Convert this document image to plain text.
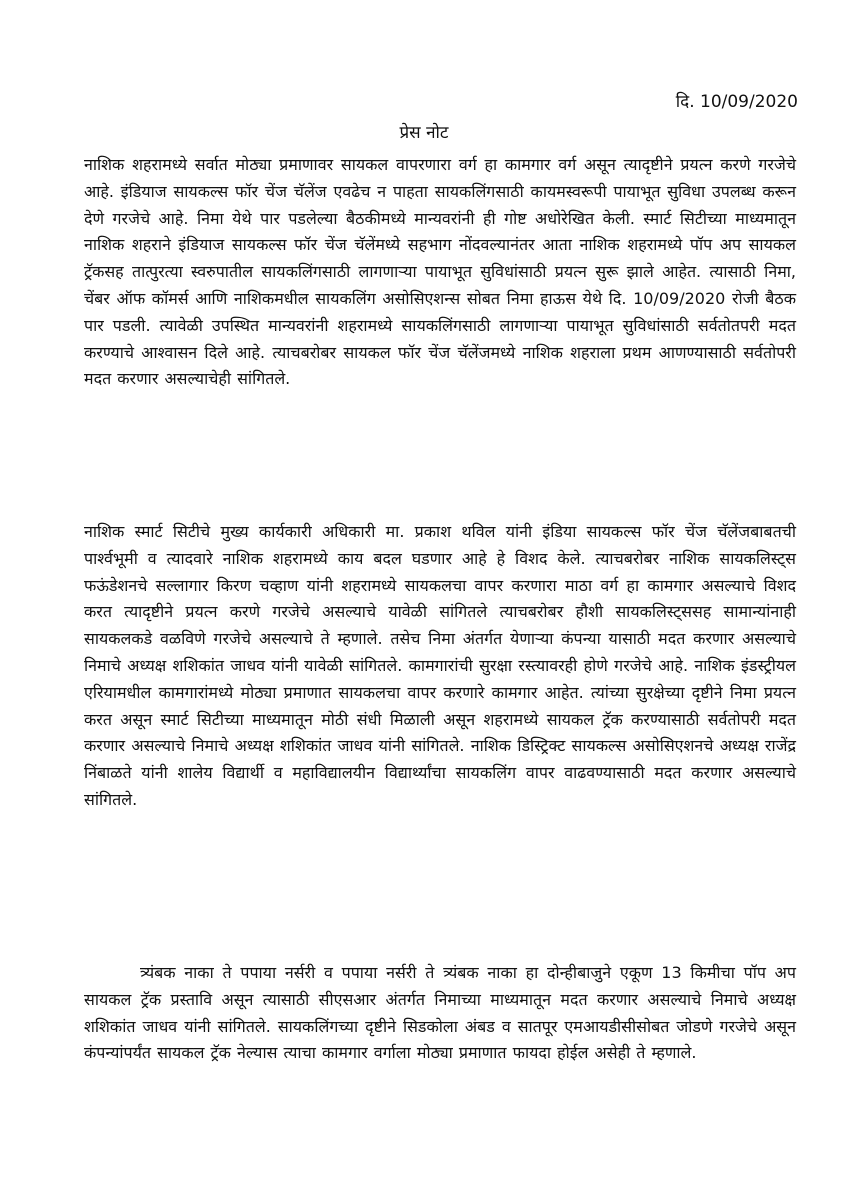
दि. 10/09/2020
प्रेस नोट

नाशिक शहरामध्ये सर्वात मोठ्या प्रमाणावर सायकल वापरणारा वर्ग हा कामगार वर्ग असून त्यादृष्टीने प्रयत्न करणे गरजेचे आहे. इंडियाज सायकल्स फॉर चेंज चॅलेंज एवढेच न पाहता सायकलिंगसाठी कायमस्वरूपी पायाभूत सुविधा उपलब्ध करून देणे गरजेचे आहे. निमा येथे पार पडलेल्या बैठकीमध्ये मान्यवरांनी ही गोष्ट अधोरेखित केली. स्मार्ट सिटीच्या माध्यमातून नाशिक शहराने इंडियाज सायकल्स फॉर चेंज चॅलेंमध्ये सहभाग नोंदवल्यानंतर आता नाशिक शहरामध्ये पॉप अप सायकल ट्रॅकसह तात्पुरत्या स्वरुपातील सायकलिंगसाठी लागणाऱ्या पायाभूत सुविधांसाठी प्रयत्न सुरू झाले आहेत. त्यासाठी निमा, चेंबर ऑफ कॉमर्स आणि नाशिकमधील सायकलिंग असोसिएशन्स सोबत निमा हाऊस येथे दि. 10/09/2020 रोजी बैठक पार पडली. त्यावेळी उपस्थित मान्यवरांनी शहरामध्ये सायकलिंगसाठी लागणाऱ्या पायाभूत सुविधांसाठी सर्वतोतपरी मदत करण्याचे आश्वासन दिले आहे. त्याचबरोबर सायकल फॉर चेंज चॅलेंजमध्ये नाशिक शहराला प्रथम आणण्यासाठी सर्वतोपरी मदत करणार असल्याचेही सांगितले.

नाशिक स्मार्ट सिटीचे मुख्य कार्यकारी अधिकारी मा. प्रकाश थविल यांनी इंडिया सायकल्स फॉर चेंज चॅलेंजबाबतची पार्श्वभूमी व त्यादवारे नाशिक शहरामध्ये काय बदल घडणार आहे हे विशद केले. त्याचबरोबर नाशिक सायकलिस्ट्स फऊंडेशनचे सल्लागार किरण चव्हाण यांनी शहरामध्ये सायकलचा वापर करणारा माठा वर्ग हा कामगार असल्याचे विशद करत त्यादृष्टीने प्रयत्न करणे गरजेचे असल्याचे यावेळी सांगितले त्याचबरोबर हौशी सायकलिस्ट्ससह सामान्यांनाही सायकलकडे वळविणे गरजेचे असल्याचे ते म्हणाले. तसेच निमा अंतर्गत येणाऱ्या कंपन्या यासाठी मदत करणार असल्याचे निमाचे अध्यक्ष शशिकांत जाधव यांनी यावेळी सांगितले. कामगारांची सुरक्षा रस्त्यावरही होणे गरजेचे आहे. नाशिक इंडस्ट्रीयल एरियामधील कामगारांमध्ये मोठ्या प्रमाणात सायकलचा वापर करणारे कामगार आहेत. त्यांच्या सुरक्षेच्या दृष्टीने निमा प्रयत्न करत असून स्मार्ट सिटीच्या माध्यमातून मोठी संधी मिळाली असून शहरामध्ये सायकल ट्रॅक करण्यासाठी सर्वतोपरी मदत करणार असल्याचे निमाचे अध्यक्ष शशिकांत जाधव यांनी सांगितले. नाशिक डिस्ट्रिक्ट सायकल्स असोसिएशनचे अध्यक्ष राजेंद्र निंबाळते यांनी शालेय विद्यार्थी व महाविद्यालयीन विद्यार्थ्यांचा सायकलिंग वापर वाढवण्यासाठी मदत करणार असल्याचे सांगितले.

त्र्यंबक नाका ते पपाया नर्सरी व पपाया नर्सरी ते त्र्यंबक नाका हा दोन्हीबाजुने एकूण 13 किमीचा पॉप अप सायकल ट्रॅक प्रस्तावि असून त्यासाठी सीएसआर अंतर्गत निमाच्या माध्यमातून मदत करणार असल्याचे निमाचे अध्यक्ष शशिकांत जाधव यांनी सांगितले. सायकलिंगच्या दृष्टीने सिडकोला अंबड व सातपूर एमआयडीसीसोबत जोडणे गरजेचे असून कंपन्यांपर्यंत सायकल ट्रॅक नेल्यास त्याचा कामगार वर्गाला मोठ्या प्रमाणात फायदा होईल असेही ते म्हणाले.
